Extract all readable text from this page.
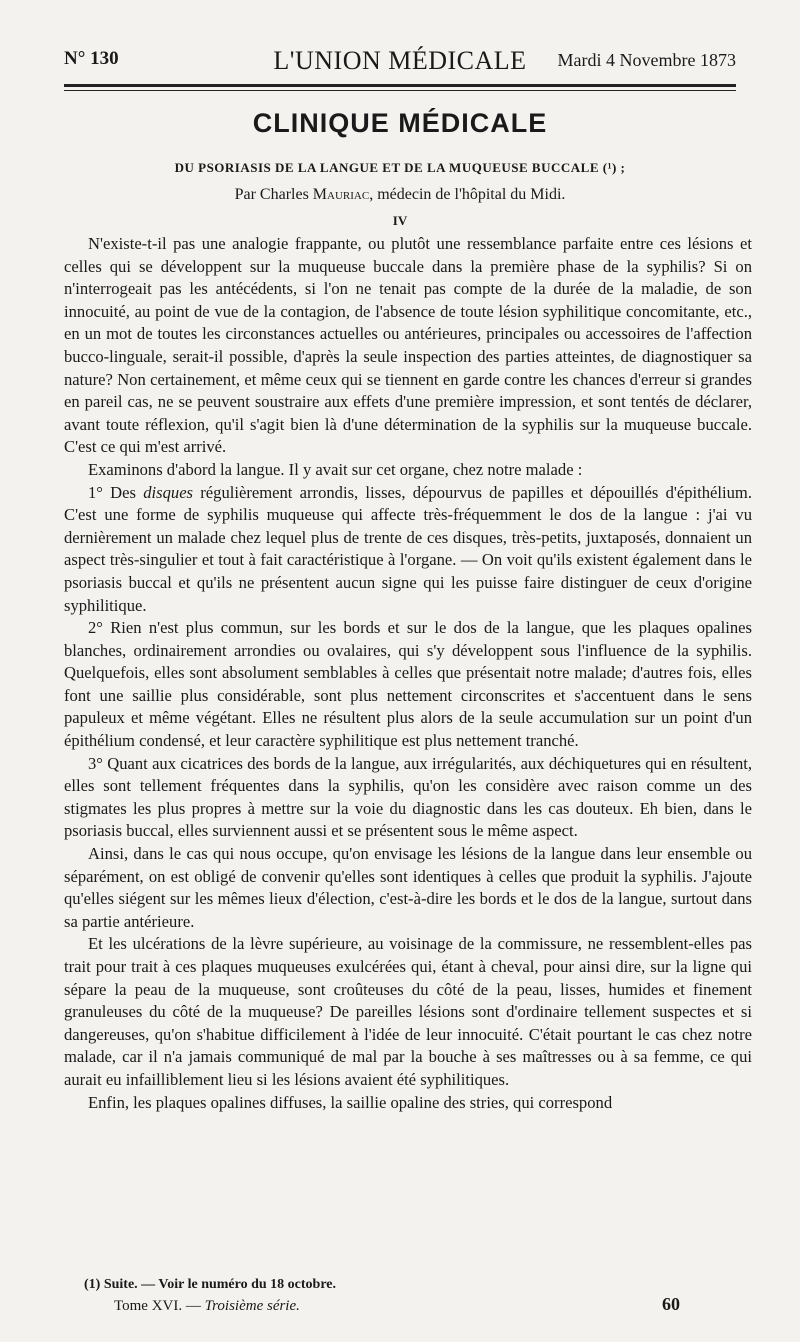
N° 130	L'UNION MÉDICALE	Mardi 4 Novembre 1873
CLINIQUE MÉDICALE
DU PSORIASIS DE LA LANGUE ET DE LA MUQUEUSE BUCCALE (¹) ;
Par Charles Mauriac, médecin de l'hôpital du Midi.
IV

N'existe-t-il pas une analogie frappante, ou plutôt une ressemblance parfaite entre ces lésions et celles qui se développent sur la muqueuse buccale dans la première phase de la syphilis? Si on n'interrogeait pas les antécédents, si l'on ne tenait pas compte de la durée de la maladie, de son innocuité, au point de vue de la contagion, de l'absence de toute lésion syphilitique concomitante, etc., en un mot de toutes les circonstances actuelles ou antérieures, principales ou accessoires de l'affection bucco-linguale, serait-il possible, d'après la seule inspection des parties atteintes, de diagnostiquer sa nature? Non certainement, et même ceux qui se tiennent en garde contre les chances d'erreur si grandes en pareil cas, ne se peuvent soustraire aux effets d'une première impression, et sont tentés de déclarer, avant toute réflexion, qu'il s'agit bien là d'une détermination de la syphilis sur la muqueuse buccale. C'est ce qui m'est arrivé.

Examinons d'abord la langue. Il y avait sur cet organe, chez notre malade :

1° Des disques régulièrement arrondis, lisses, dépourvus de papilles et dépouillés d'épithélium. C'est une forme de syphilis muqueuse qui affecte très-fréquemment le dos de la langue : j'ai vu dernièrement un malade chez lequel plus de trente de ces disques, très-petits, juxtaposés, donnaient un aspect très-singulier et tout à fait caractéristique à l'organe. — On voit qu'ils existent également dans le psoriasis buccal et qu'ils ne présentent aucun signe qui les puisse faire distinguer de ceux d'origine syphilitique.

2° Rien n'est plus commun, sur les bords et sur le dos de la langue, que les plaques opalines blanches, ordinairement arrondies ou ovalaires, qui s'y développent sous l'influence de la syphilis. Quelquefois, elles sont absolument semblables à celles que présentait notre malade; d'autres fois, elles font une saillie plus considérable, sont plus nettement circonscrites et s'accentuent dans le sens papuleux et même végétant. Elles ne résultent plus alors de la seule accumulation sur un point d'un épithélium condensé, et leur caractère syphilitique est plus nettement tranché.

3° Quant aux cicatrices des bords de la langue, aux irrégularités, aux déchiquetures qui en résultent, elles sont tellement fréquentes dans la syphilis, qu'on les considère avec raison comme un des stigmates les plus propres à mettre sur la voie du diagnostic dans les cas douteux. Eh bien, dans le psoriasis buccal, elles surviennent aussi et se présentent sous le même aspect.

Ainsi, dans le cas qui nous occupe, qu'on envisage les lésions de la langue dans leur ensemble ou séparément, on est obligé de convenir qu'elles sont identiques à celles que produit la syphilis. J'ajoute qu'elles siégent sur les mêmes lieux d'élection, c'est-à-dire les bords et le dos de la langue, surtout dans sa partie antérieure.

Et les ulcérations de la lèvre supérieure, au voisinage de la commissure, ne ressemblent-elles pas trait pour trait à ces plaques muqueuses exulcérées qui, étant à cheval, pour ainsi dire, sur la ligne qui sépare la peau de la muqueuse, sont croûteuses du côté de la peau, lisses, humides et finement granuleuses du côté de la muqueuse? De pareilles lésions sont d'ordinaire tellement suspectes et si dangereuses, qu'on s'habitue difficilement à l'idée de leur innocuité. C'était pourtant le cas chez notre malade, car il n'a jamais communiqué de mal par la bouche à ses maîtresses ou à sa femme, ce qui aurait eu infailliblement lieu si les lésions avaient été syphilitiques.

Enfin, les plaques opalines diffuses, la saillie opaline des stries, qui correspond

(1) Suite. — Voir le numéro du 18 octobre.
Tome XVI. — Troisième série.	60
